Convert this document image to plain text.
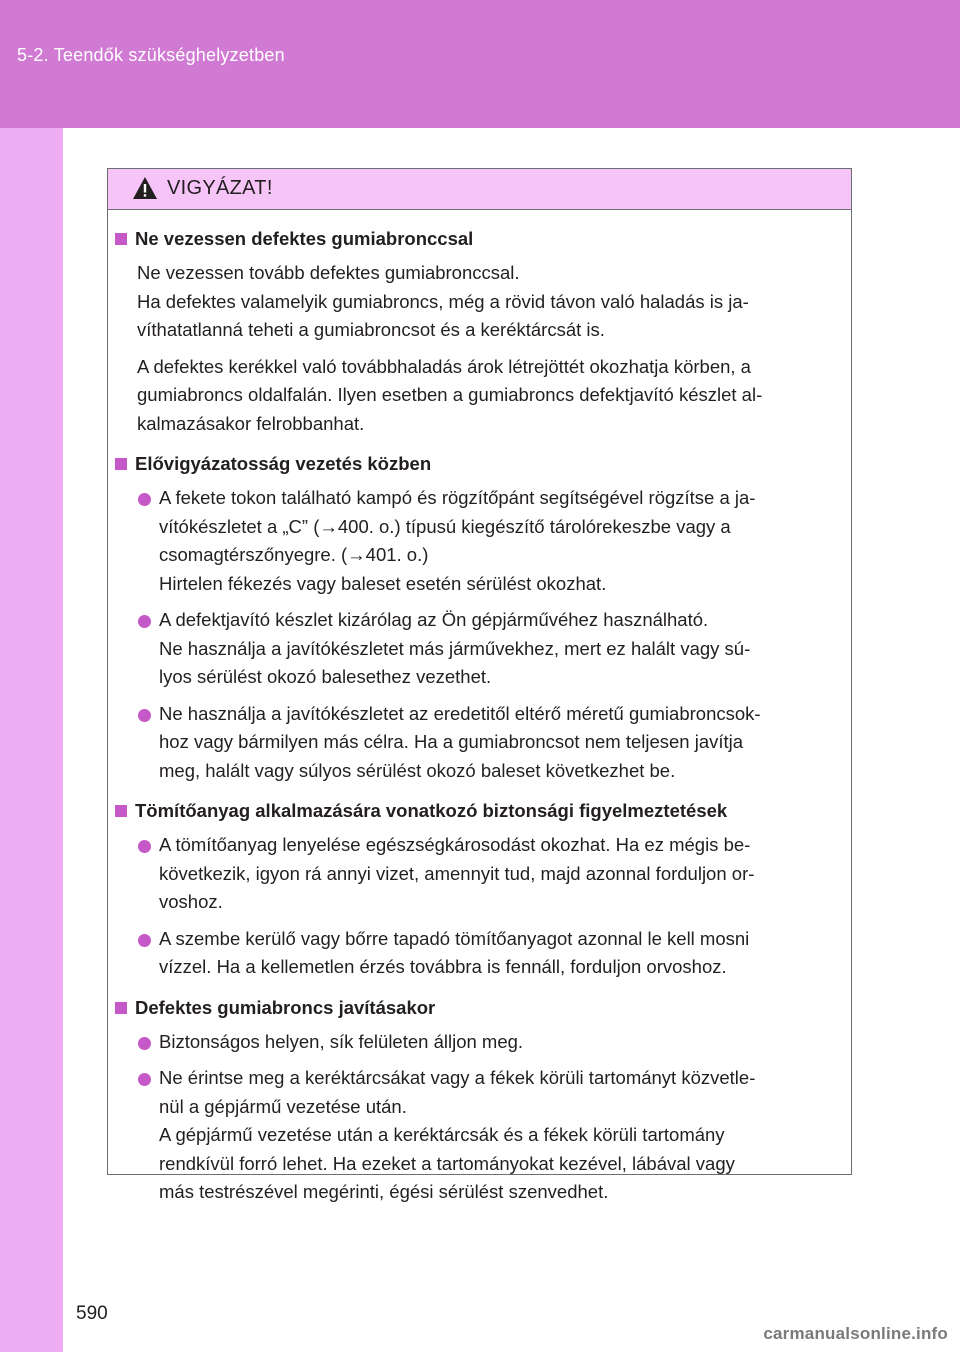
5-2. Teendők szükséghelyzetben
VIGYÁZAT!
Ne vezessen defektes gumiabronccsal
Ne vezessen tovább defektes gumiabronccsal.
Ha defektes valamelyik gumiabroncs, még a rövid távon való haladás is ja-
víthatatlanná teheti a gumiabroncsot és a keréktárcsát is.
A defektes kerékkel való továbbhaladás árok létrejöttét okozhatja körben, a
gumiabroncs oldalfalán. Ilyen esetben a gumiabroncs defektjavító készlet al-
kalmazásakor felrobbanhat.
Elővigyázatosság vezetés közben
A fekete tokon található kampó és rögzítőpánt segítségével rögzítse a ja-
vítókészletet a „C” (→400. o.) típusú kiegészítő tárolórekeszbe vagy a
csomagtérszőnyegre. (→401. o.)
Hirtelen fékezés vagy baleset esetén sérülést okozhat.
A defektjavító készlet kizárólag az Ön gépjárművéhez használható.
Ne használja a javítókészletet más járművekhez, mert ez halált vagy sú-
lyos sérülést okozó balesethez vezethet.
Ne használja a javítókészletet az eredetitől eltérő méretű gumiabroncsok-
hoz vagy bármilyen más célra. Ha a gumiabroncsot nem teljesen javítja
meg, halált vagy súlyos sérülést okozó baleset következhet be.
Tömítőanyag alkalmazására vonatkozó biztonsági figyelmeztetések
A tömítőanyag lenyelése egészségkárosodást okozhat. Ha ez mégis be-
következik, igyon rá annyi vizet, amennyit tud, majd azonnal forduljon or-
voshoz.
A szembe kerülő vagy bőrre tapadó tömítőanyagot azonnal le kell mosni
vízzel. Ha a kellemetlen érzés továbbra is fennáll, forduljon orvoshoz.
Defektes gumiabroncs javításakor
Biztonságos helyen, sík felületen álljon meg.
Ne érintse meg a keréktárcsákat vagy a fékek körüli tartományt közvetle-
nül a gépjármű vezetése után.
A gépjármű vezetése után a keréktárcsák és a fékek körüli tartomány
rendkívül forró lehet. Ha ezeket a tartományokat kezével, lábával vagy
más testrészével megérinti, égési sérülést szenvedhet.
590
carmanualsonline.info
